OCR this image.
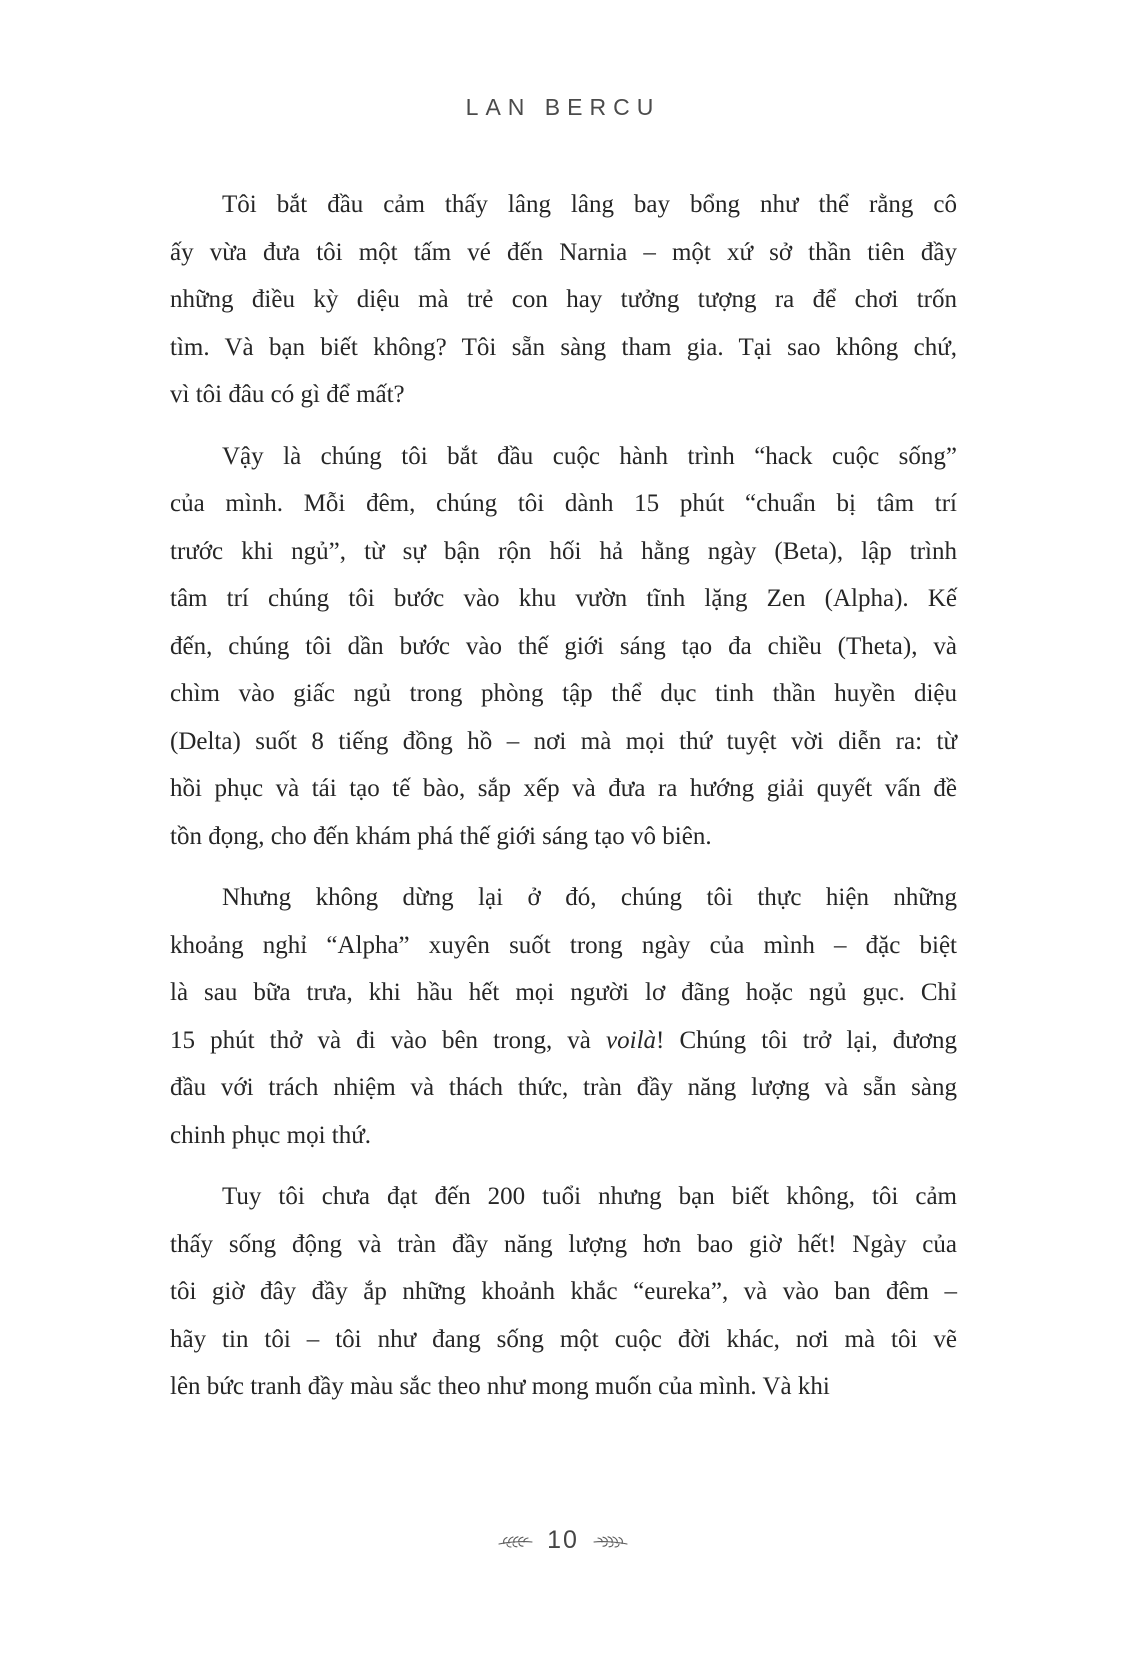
LAN BERCU
Tôi bắt đầu cảm thấy lâng lâng bay bổng như thể rằng cô
ấy vừa đưa tôi một tấm vé đến Narnia – một xứ sở thần tiên đầy
những điều kỳ diệu mà trẻ con hay tưởng tượng ra để chơi trốn
tìm. Và bạn biết không? Tôi sẵn sàng tham gia. Tại sao không chứ,
vì tôi đâu có gì để mất?
Vậy là chúng tôi bắt đầu cuộc hành trình “hack cuộc sống”
của mình. Mỗi đêm, chúng tôi dành 15 phút “chuẩn bị tâm trí
trước khi ngủ”, từ sự bận rộn hối hả hằng ngày (Beta), lập trình
tâm trí chúng tôi bước vào khu vườn tĩnh lặng Zen (Alpha). Kế
đến, chúng tôi dần bước vào thế giới sáng tạo đa chiều (Theta), và
chìm vào giấc ngủ trong phòng tập thể dục tinh thần huyền diệu
(Delta) suốt 8 tiếng đồng hồ – nơi mà mọi thứ tuyệt vời diễn ra: từ
hồi phục và tái tạo tế bào, sắp xếp và đưa ra hướng giải quyết vấn đề
tồn đọng, cho đến khám phá thế giới sáng tạo vô biên.
Nhưng không dừng lại ở đó, chúng tôi thực hiện những
khoảng nghỉ “Alpha” xuyên suốt trong ngày của mình – đặc biệt
là sau bữa trưa, khi hầu hết mọi người lơ đãng hoặc ngủ gục. Chỉ
15 phút thở và đi vào bên trong, và voilà! Chúng tôi trở lại, đương
đầu với trách nhiệm và thách thức, tràn đầy năng lượng và sẵn sàng
chinh phục mọi thứ.
Tuy tôi chưa đạt đến 200 tuổi nhưng bạn biết không, tôi cảm
thấy sống động và tràn đầy năng lượng hơn bao giờ hết! Ngày của
tôi giờ đây đầy ắp những khoảnh khắc “eureka”, và vào ban đêm –
hãy tin tôi – tôi như đang sống một cuộc đời khác, nơi mà tôi vẽ
lên bức tranh đầy màu sắc theo như mong muốn của mình. Và khi
10
